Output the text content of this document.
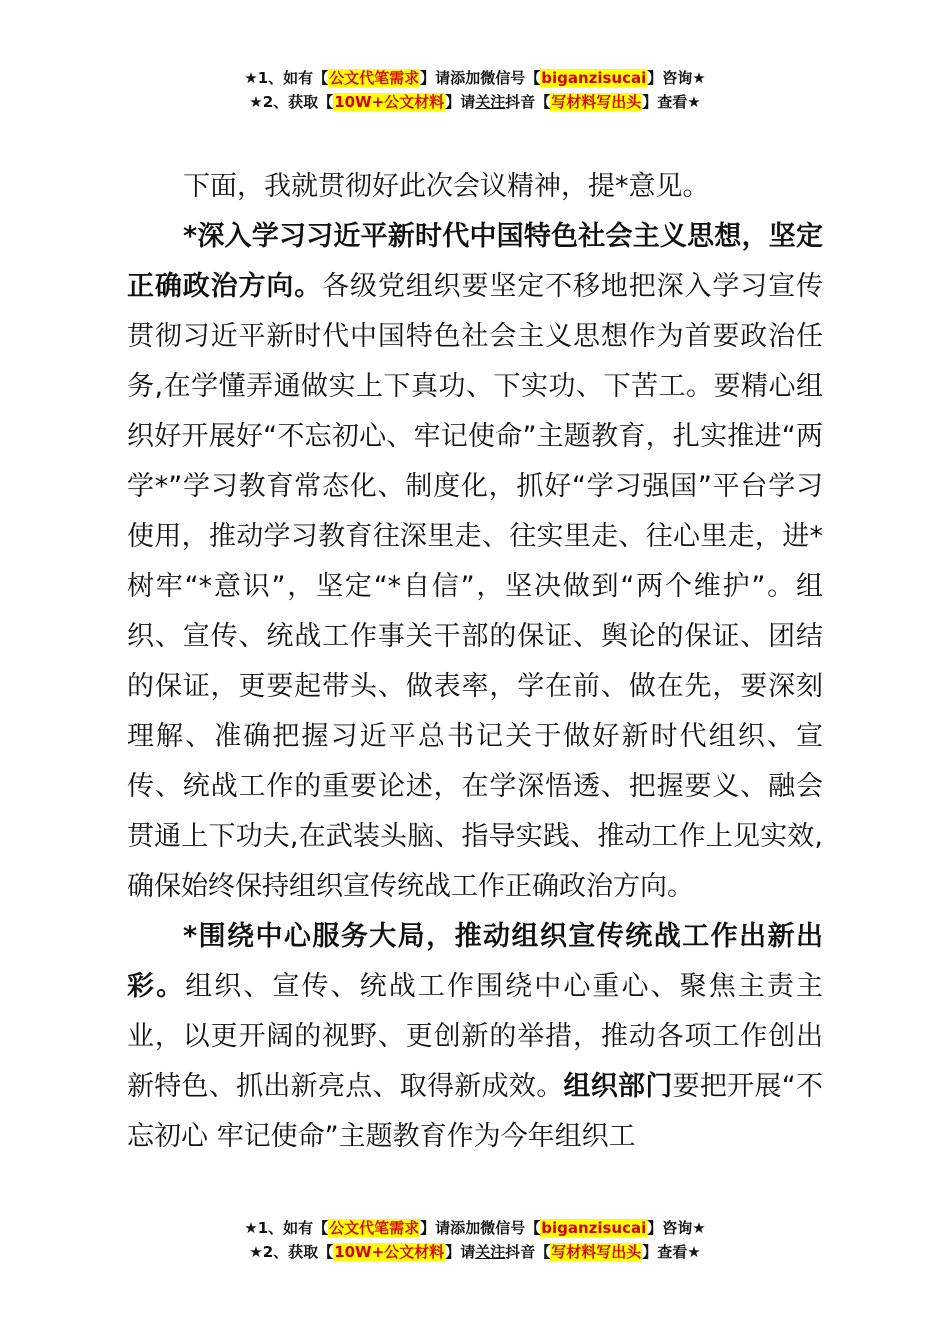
★1、如有【公文代笔需求】请添加微信号【biganzisucai】咨询★
★2、获取【10W+公文材料】请关注抖音【写材料写出头】查看★

下面，我就贯彻好此次会议精神，提*意见。

*深入学习习近平新时代中国特色社会主义思想，坚定正确政治方向。各级党组织要坚定不移地把深入学习宣传贯彻习近平新时代中国特色社会主义思想作为首要政治任务,在学懂弄通做实上下真功、下实功、下苦工。要精心组织好开展好“不忘初心、牢记使命”主题教育，扎实推进“两学*”学习教育常态化、制度化，抓好“学习强国”平台学习使用，推动学习教育往深里走、往实里走、往心里走，进*树牢“*意识”，坚定“*自信”，坚决做到“两个维护”。组织、宣传、统战工作事关干部的保证、舆论的保证、团结的保证，更要起带头、做表率，学在前、做在先，要深刻理解、准确把握习近平总书记关于做好新时代组织、宣传、统战工作的重要论述，在学深悟透、把握要义、融会贯通上下功夫,在武装头脑、指导实践、推动工作上见实效,确保始终保持组织宣传统战工作正确政治方向。

*围绕中心服务大局，推动组织宣传统战工作出新出彩。组织、宣传、统战工作围绕中心重心、聚焦主责主业，以更开阔的视野、更创新的举措，推动各项工作创出新特色、抓出新亮点、取得新成效。组织部门要把开展“不忘初心 牢记使命”主题教育作为今年组织工

★1、如有【公文代笔需求】请添加微信号【biganzisucai】咨询★
★2、获取【10W+公文材料】请关注抖音【写材料写出头】查看★
